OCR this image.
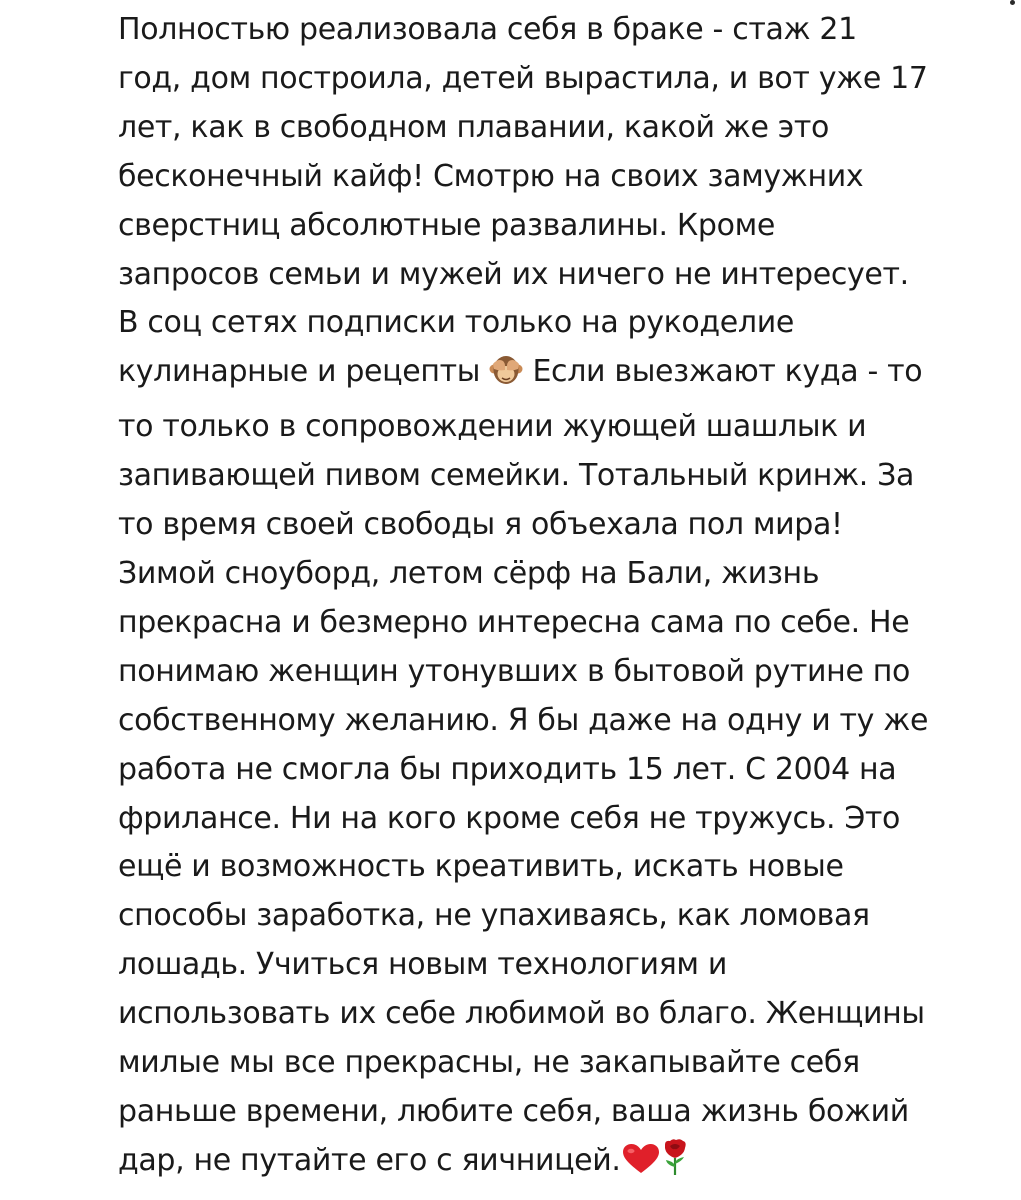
Полностью реализовала себя в браке - стаж 21
год, дом построила, детей вырастила, и вот уже 17
лет, как в свободном плавании, какой же это
бесконечный кайф! Смотрю на своих замужних
сверстниц абсолютные развалины. Кроме
запросов семьи и мужей их ничего не интересует.
В соц сетях подписки только на рукоделие
кулинарные и рецепты Если выезжают куда - то
то только в сопровождении жующей шашлык и
запивающей пивом семейки. Тотальный кринж. За
то время своей свободы я объехала пол мира!
Зимой сноуборд, летом сёрф на Бали, жизнь
прекрасна и безмерно интересна сама по себе. Не
понимаю женщин утонувших в бытовой рутине по
собственному желанию. Я бы даже на одну и ту же
работа не смогла бы приходить 15 лет. С 2004 на
фрилансе. Ни на кого кроме себя не тружусь. Это
ещё и возможность креативить, искать новые
способы заработка, не упахиваясь, как ломовая
лошадь. Учиться новым технологиям и
использовать их себе любимой во благо. Женщины
милые мы все прекрасны, не закапывайте себя
раньше времени, любите себя, ваша жизнь божий
дар, не путайте его с яичницей.
